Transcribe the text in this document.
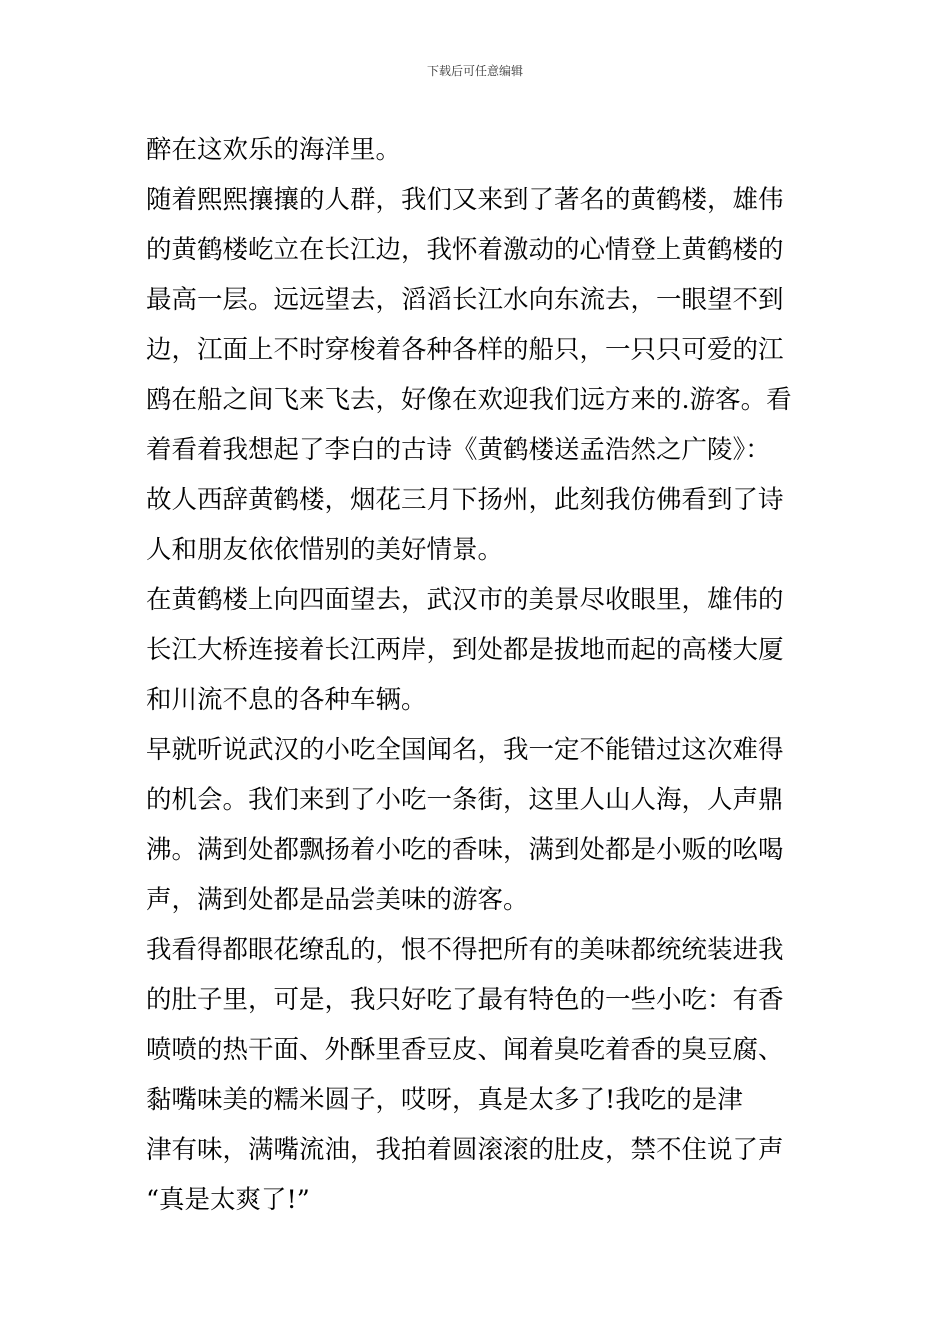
下载后可任意编辑
醉在这欢乐的海洋里。
随着熙熙攘攘的人群，我们又来到了著名的黄鹤楼，雄伟
的黄鹤楼屹立在长江边，我怀着激动的心情登上黄鹤楼的
最高一层。远远望去，滔滔长江水向东流去，一眼望不到
边，江面上不时穿梭着各种各样的船只，一只只可爱的江
鸥在船之间飞来飞去，好像在欢迎我们远方来的.游客。看
着看着我想起了李白的古诗《黄鹤楼送孟浩然之广陵》：
故人西辞黄鹤楼，烟花三月下扬州，此刻我仿佛看到了诗
人和朋友依依惜别的美好情景。
在黄鹤楼上向四面望去，武汉市的美景尽收眼里，雄伟的
长江大桥连接着长江两岸，到处都是拔地而起的高楼大厦
和川流不息的各种车辆。
早就听说武汉的小吃全国闻名，我一定不能错过这次难得
的机会。我们来到了小吃一条街，这里人山人海，人声鼎
沸。满到处都飘扬着小吃的香味，满到处都是小贩的吆喝
声，满到处都是品尝美味的游客。
我看得都眼花缭乱的，恨不得把所有的美味都统统装进我
的肚子里，可是，我只好吃了最有特色的一些小吃：有香
喷喷的热干面、外酥里香豆皮、闻着臭吃着香的臭豆腐、
黏嘴味美的糯米圆子，哎呀，真是太多了!我吃的是津
津有味，满嘴流油，我拍着圆滚滚的肚皮，禁不住说了声
“真是太爽了!”
